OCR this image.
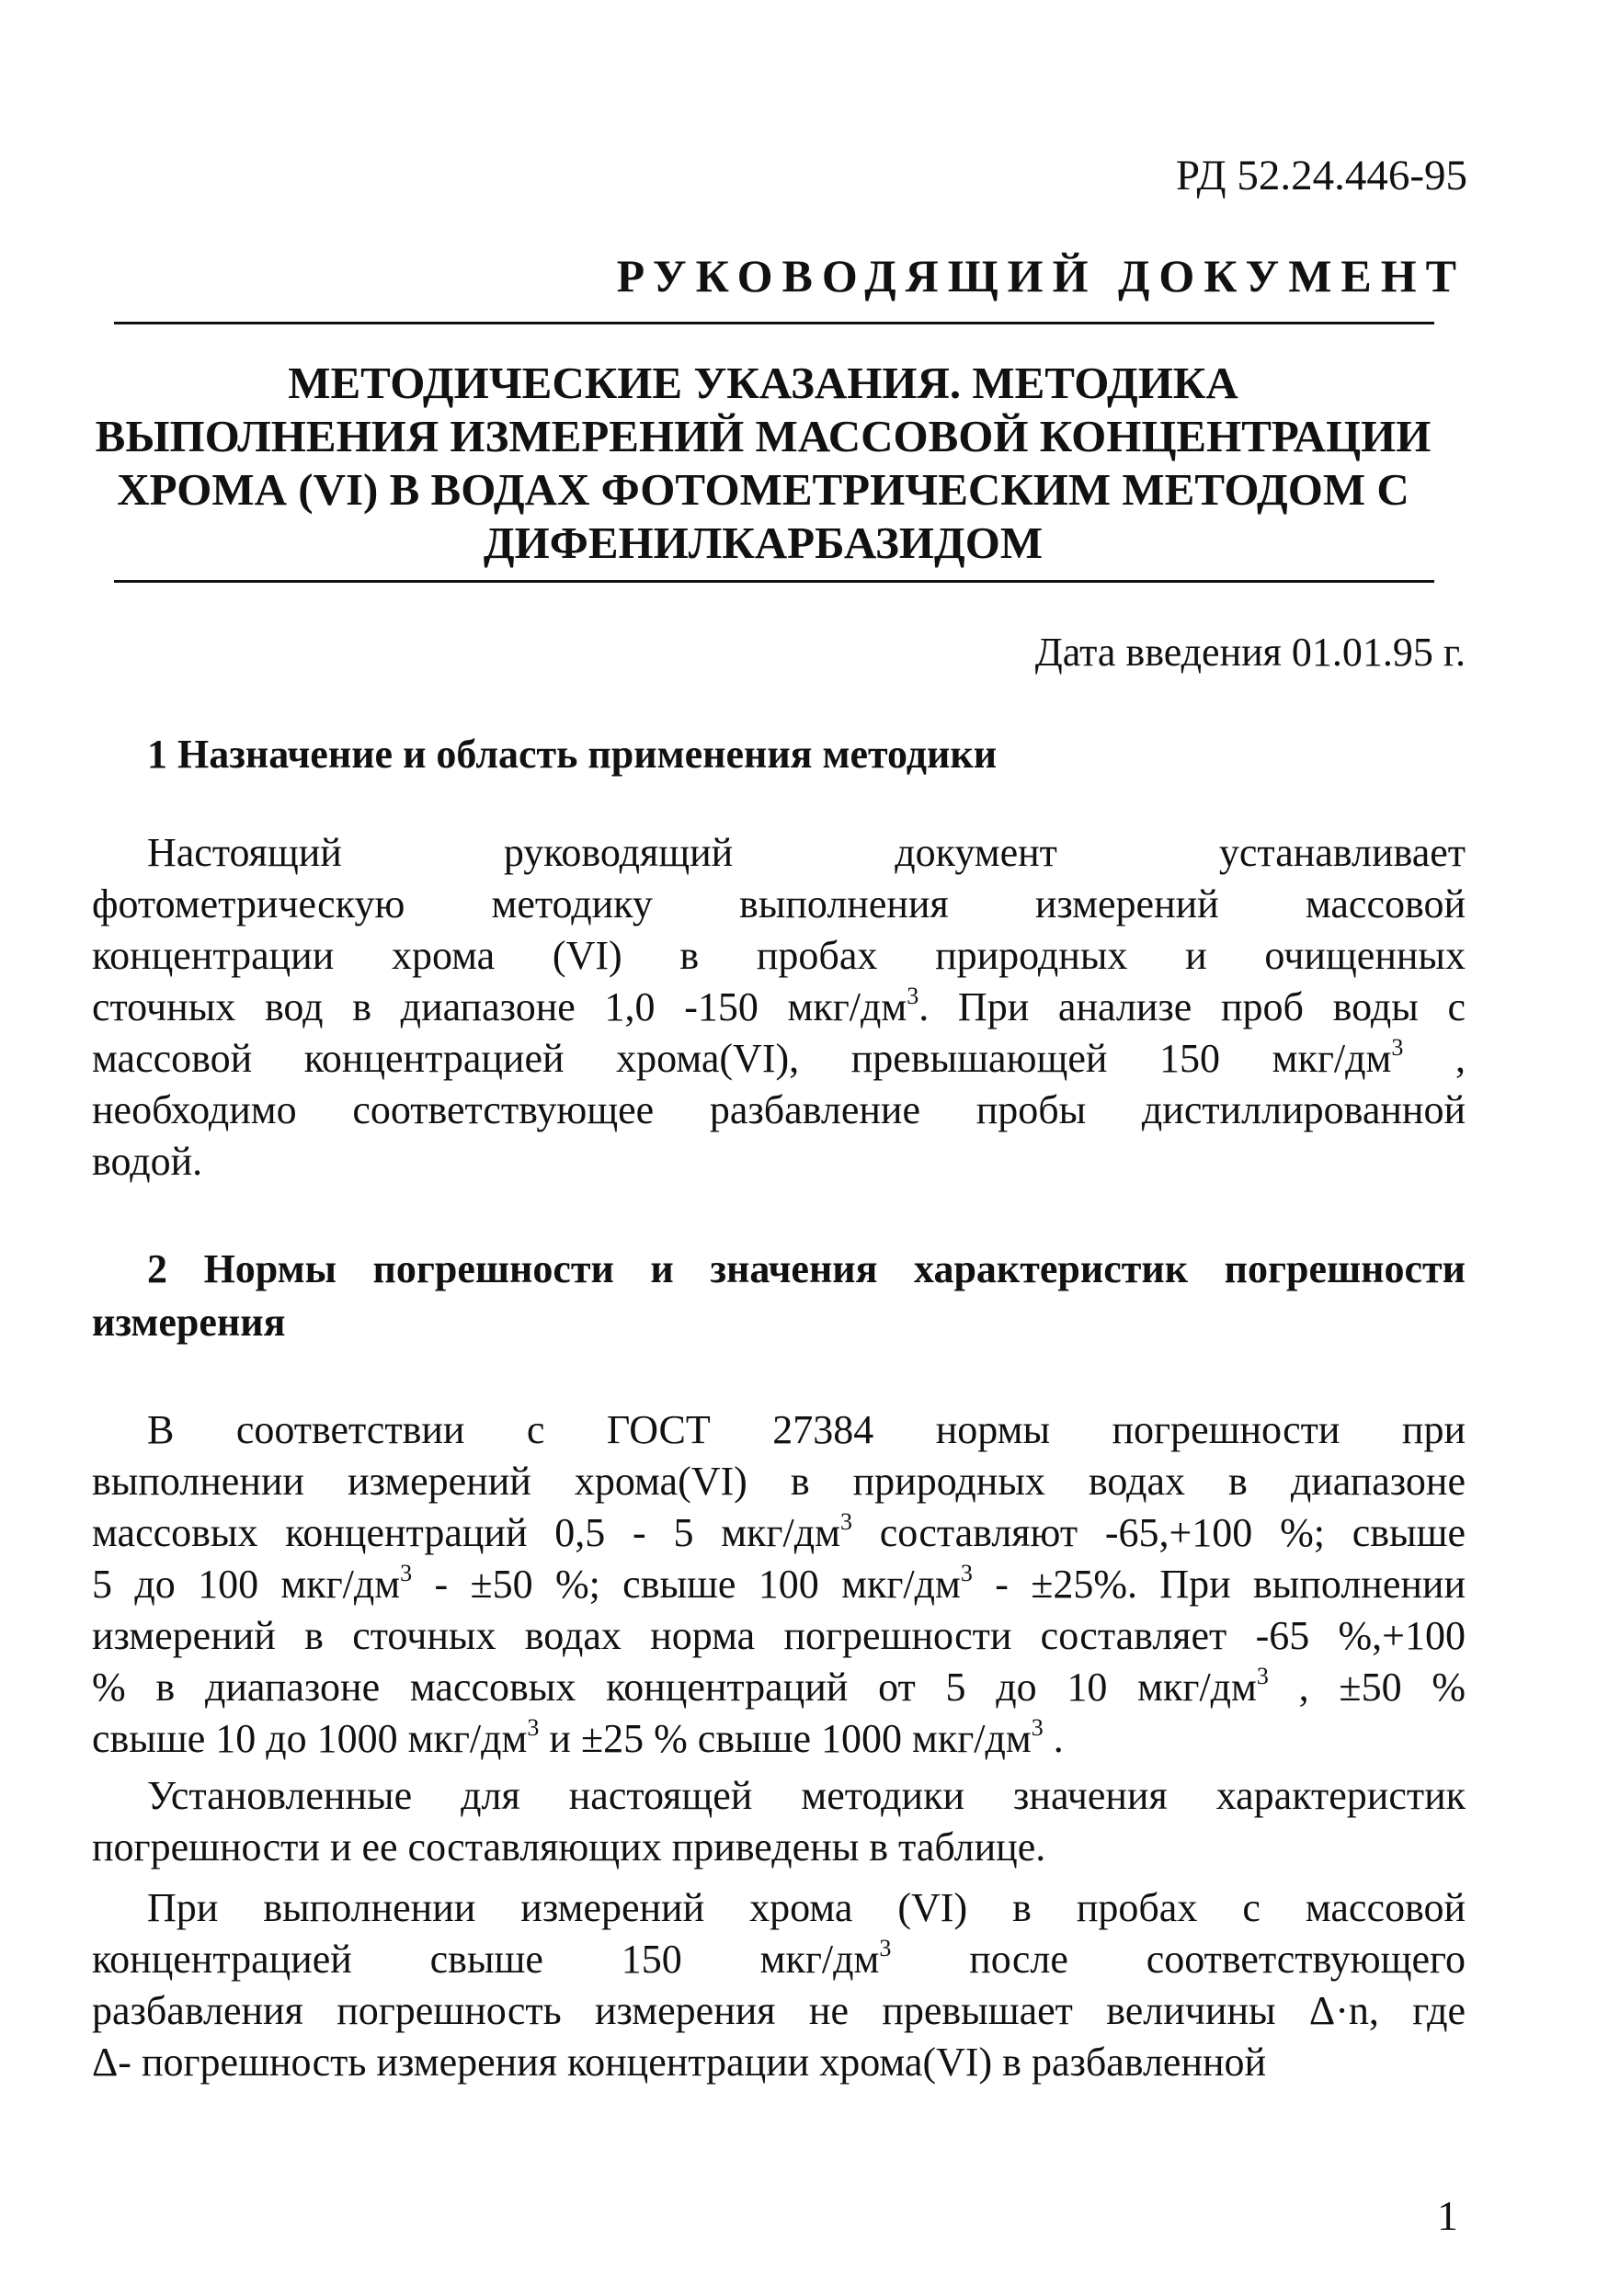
РД 52.24.446-95
РУКОВОДЯЩИЙ ДОКУМЕНТ
МЕТОДИЧЕСКИЕ УКАЗАНИЯ. МЕТОДИКА
ВЫПОЛНЕНИЯ ИЗМЕРЕНИЙ МАССОВОЙ КОНЦЕНТРАЦИИ
ХРОМА (VI) В ВОДАХ ФОТОМЕТРИЧЕСКИМ МЕТОДОМ С
ДИФЕНИЛКАРБАЗИДОМ
Дата введения 01.01.95 г.
1 Назначение и область применения методики
Настоящий руководящий документ устанавливает
фотометрическую методику выполнения измерений массовой
концентрации хрома (VI) в пробах природных и очищенных
сточных вод в диапазоне 1,0 -150 мкг/$дм^3$. При анализе проб воды с
массовой концентрацией хрома(VI), превышающей 150 мкг/$дм^3$ ,
необходимо соответствующее разбавление пробы дистиллированной
водой.
2 Нормы погрешности и значения характеристик погрешности измерения
В соответствии с ГОСТ 27384 нормы погрешности при
выполнении измерений хрома(VI) в природных водах в диапазоне
массовых концентраций 0,5 - 5 мкг/$дм^3$ составляют -65,+100 %; свыше
5 до 100 мкг/$дм^3 - \pm 50$ %; свыше 100 мкг/$дм^3 - \pm 25\%$. При выполнении
измерений в сточных водах норма погрешности составляет -65 %,+100
% в диапазоне массовых концентраций от 5 до 10 мкг/$дм^3$ , ±50 %
свыше 10 до 1000 мкг/$дм^3$ и ±25 % свыше 1000 мкг/$дм^3$ .
Установленные для настоящей методики значения характеристик
погрешности и ее составляющих приведены в таблице.
При выполнении измерений хрома (VI) в пробах с массовой
концентрацией свыше 150 мкг/$дм^3$ после соответствующего
разбавления погрешность измерения не превышает величины Δ·n, где
Δ- погрешность измерения концентрации хрома(VI) в разбавленной
1
